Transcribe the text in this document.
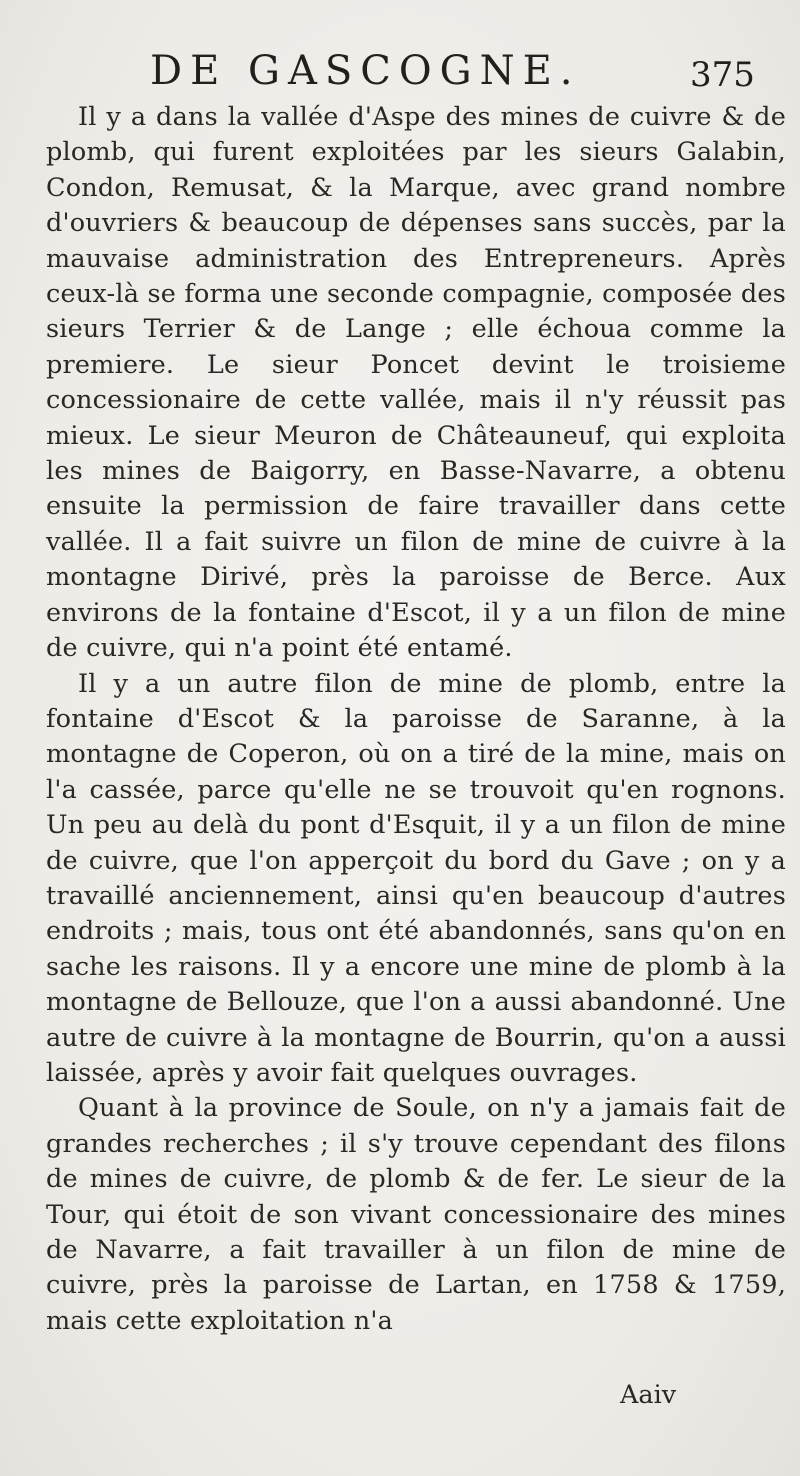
DE GASCOGNE.	375

Il y a dans la vallée d'Aspe des mines de cuivre & de plomb, qui furent exploitées par les sieurs Galabin, Condon, Remusat, & la Marque, avec grand nombre d'ouvriers & beaucoup de dépenses sans succès, par la mauvaise administration des Entrepreneurs. Après ceux-là se forma une seconde compagnie, composée des sieurs Terrier & de Lange ; elle échoua comme la premiere. Le sieur Poncet devint le troisieme concessionaire de cette vallée, mais il n'y réussit pas mieux. Le sieur Meuron de Châteauneuf, qui exploita les mines de Baigorry, en Basse-Navarre, a obtenu ensuite la permission de faire travailler dans cette vallée. Il a fait suivre un filon de mine de cuivre à la montagne Dirivé, près la paroisse de Berce. Aux environs de la fontaine d'Escot, il y a un filon de mine de cuivre, qui n'a point été entamé.

Il y a un autre filon de mine de plomb, entre la fontaine d'Escot & la paroisse de Saranne, à la montagne de Coperon, où on a tiré de la mine, mais on l'a cassée, parce qu'elle ne se trouvoit qu'en rognons. Un peu au delà du pont d'Esquit, il y a un filon de mine de cuivre, que l'on apperçoit du bord du Gave ; on y a travaillé anciennement, ainsi qu'en beaucoup d'autres endroits ; mais, tous ont été abandonnés, sans qu'on en sache les raisons. Il y a encore une mine de plomb à la montagne de Bellouze, que l'on a aussi abandonné. Une autre de cuivre à la montagne de Bourrin, qu'on a aussi laissée, après y avoir fait quelques ouvrages.

Quant à la province de Soule, on n'y a jamais fait de grandes recherches ; il s'y trouve cependant des filons de mines de cuivre, de plomb & de fer. Le sieur de la Tour, qui étoit de son vivant concessionaire des mines de Navarre, a fait travailler à un filon de mine de cuivre, près la paroisse de Lartan, en 1758 & 1759, mais cette exploitation n'a

Aaiv
